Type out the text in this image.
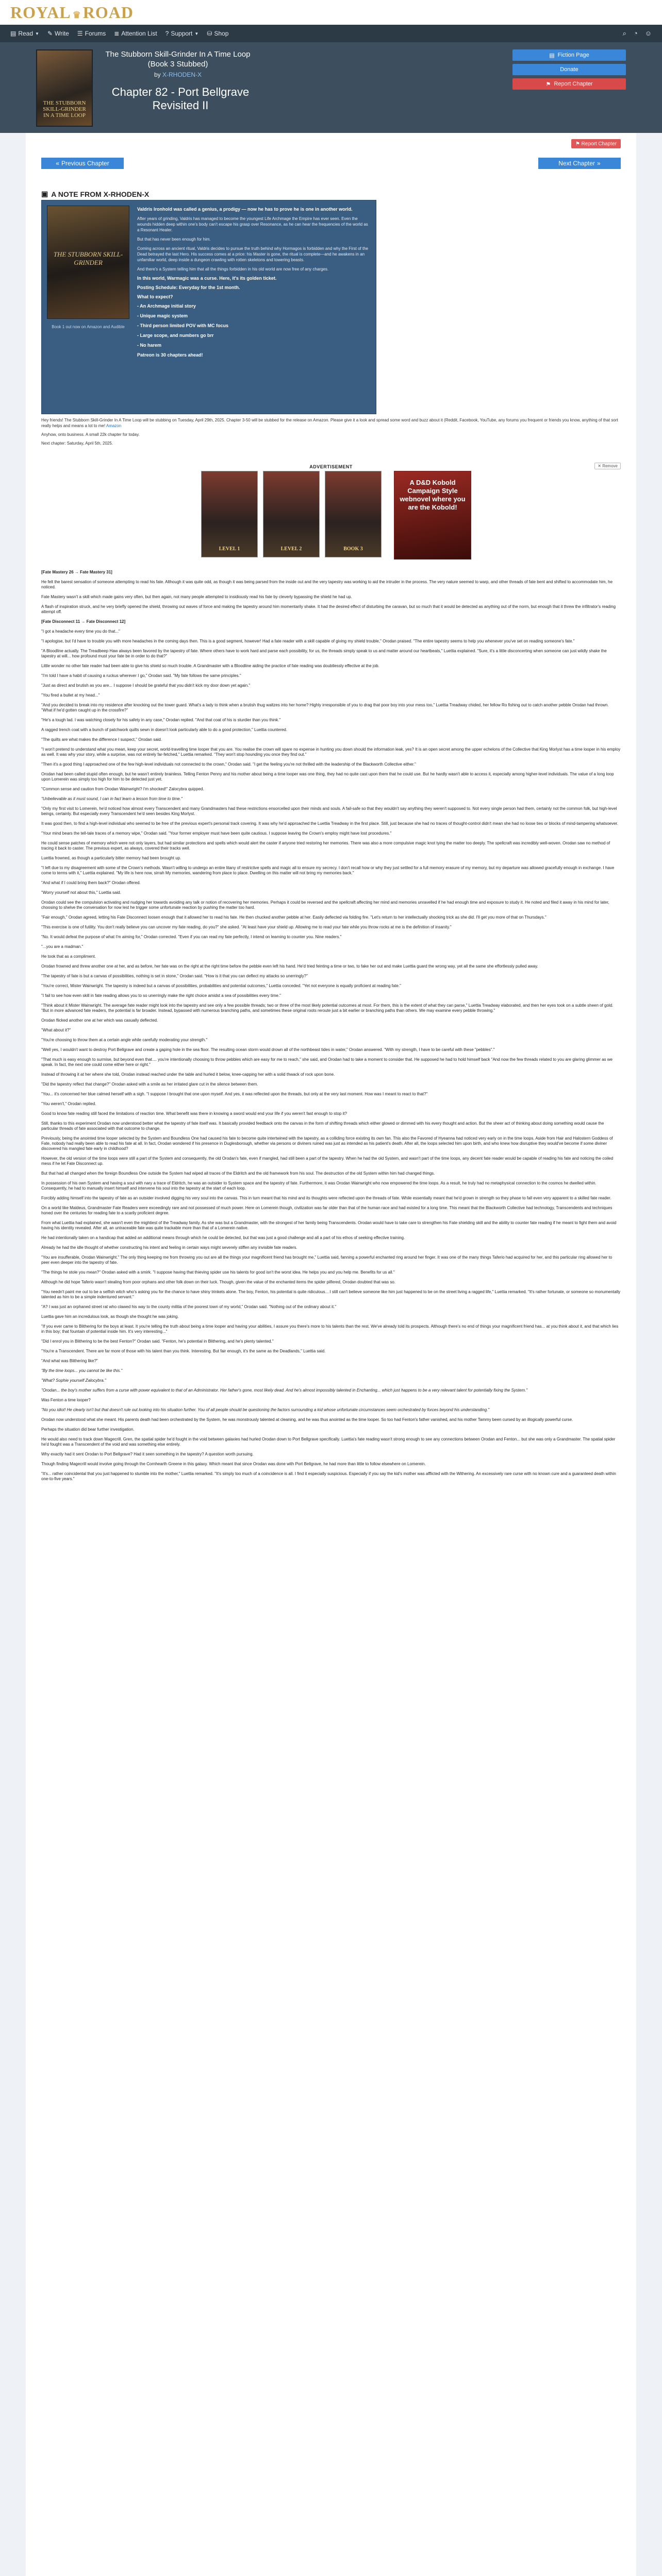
ROYAL ♛ROAD
▤ Read ▼ ✎ Write ☰ Forums ≣ Attention List ? Support ▼ ⛁ Shop	⌕ ◔ ☺
THE STUBBORN SKILL-GRINDER IN A TIME LOOP
The Stubborn Skill-Grinder In A Time Loop (Book 3 Stubbed)
by X-RHODEN-X
Chapter 82 - Port Bellgrave Revisited II
▤ Fiction Page
Donate
⚑ Report Chapter
⚑ Report Chapter
« Previous Chapter	Next Chapter »
▣ A NOTE FROM X-RHODEN-X
THE STUBBORN SKILL-GRINDER
Book 1 out now on Amazon and Audible

Valdris Ironhold was called a genius, a prodigy — now he has to prove he is one in another world.

After years of grinding, Valdris has managed to become the youngest Life Archmage the Empire has ever seen. Even the wounds hidden deep within one's body can't escape his grasp over Resonance, as he can hear the frequencies of the world as a Resonant Healer.

But that has never been enough for him.

Coming across an ancient ritual, Valdris decides to pursue the truth behind why Hormagos is forbidden and why the First of the Dead betrayed the last Hero. His success comes at a price: his Master is gone, the ritual is complete—and he awakens in an unfamiliar world, deep inside a dungeon crawling with rotten skeletons and towering beasts.

And there's a System telling him that all the things forbidden in his old world are now free of any charges.

In this world, Warmagic was a curse. Here, it's its golden ticket.

Posting Schedule: Everyday for the 1st month.

What to expect?

- An Archmage initial story
- Unique magic system
- Third person limited POV with MC focus
- Large scope, and numbers go brr
- No harem

Patreon is 30 chapters ahead!

Hey friends! The Stubborn Skill-Grinder In A Time Loop will be stubbing on Tuesday, April 29th, 2025. Chapter 3-50 will be stubbed for the release on Amazon. Please give it a look and spread some word and buzz about it (Reddit, Facebook, YouTube, any forums you frequent or friends you know, anything of that sort really helps and means a lot to me! Amazon

Anyhow, onto business. A small 22k chapter for today.

Next chapter: Saturday, April 5th, 2025.

ADVERTISEMENT	✕ Remove
LEVEL 1	LEVEL 2	BOOK 3
A D&D Kobold Campaign Style webnovel where you are the Kobold!

[Fate Mastery 26 → Fate Mastery 31]

He felt the barest sensation of someone attempting to read his fate. Although it was quite odd, as though it was being parsed from the inside out and the very tapestry was working to aid the intruder in the process. The very nature seemed to warp, and other threads of fate bent and shifted to accommodate him, he noticed.

Fate Mastery wasn't a skill which made gains very often, but then again, not many people attempted to insidiously read his fate by cleverly bypassing the shield he had up.

A flash of inspiration struck, and he very briefly opened the shield, throwing out waves of force and making the tapestry around him momentarily shake. It had the desired effect of disturbing the caravan, but so much that it would be detected as anything out of the norm, but enough that it threw the infiltrator's reading attempt off.

[Fate Disconnect 11 → Fate Disconnect 12]

"I got a headache every time you do that..."

"I apologise, but I'd have to trouble you with more headaches in the coming days then. This is a good segment, however! Had a fate reader with a skill capable of giving my shield trouble," Orodan praised. "The entire tapestry seems to help you whenever you've set on reading someone's fate."

"A Bloodline actually. The Treadbeep Haw always been favored by the tapestry of fate. Where others have to work hard and parse each possibility, for us, the threads simply speak to us and matter around our heartbeats," Luettia explained. "Sure, it's a little disconcerting when someone can just wildly shake the tapestry at will... how profound must your fate be in order to do that?"

Little wonder no other fate reader had been able to give his shield so much trouble. A Grandmaster with a Bloodline aiding the practice of fate reading was doubtlessly effective at the job.

"I'm told I have a habit of causing a ruckus wherever I go," Orodan said. "My fate follows the same principles."

"Just as direct and brutish as you are... I suppose I should be grateful that you didn't kick my door down yet again."

"You fired a bullet at my head..."

"And you decided to break into my residence after knocking out the tower guard. What's a lady to think when a brutish thug waltzes into her home? Highly irresponsible of you to drag that poor boy into your mess too," Luettia Treadway chided, her fellow Ro fishing out to catch another pebble Orodan had thrown. "What if he'd gotten caught up in the crossfire?"

"He's a tough lad. I was watching closely for his safety in any case," Orodan replied. "And that coat of his is sturdier than you think."

A ragged trench coat with a bunch of patchwork quilts sewn in doesn't look particularly able to do a good protection," Luettia countered.

"The quilts are what makes the difference I suspect," Orodan said.

"I won't pretend to understand what you mean, keep your secret, world-travelling time looper that you are. You realise the crown will spare no expense in hunting you down should the information leak, yes? It is an open secret among the upper echelons of the Collective that King Morlyst has a time looper in his employ as well. It was why your story, while a surprise, was not entirely far-fetched," Luettia remarked. "They won't stop hounding you once they find out."

"Then it's a good thing I approached one of the few high-level individuals not connected to the crown," Orodan said. "I get the feeling you're not thrilled with the leadership of the Blackworth Collective either."

Orodan had been called stupid often enough, but he wasn't entirely brainless. Telling Fenton Penny and his mother about being a time looper was one thing, they had no quite cast upon them that he could use. But he hardly wasn't able to access it, especially among higher-level individuals. The value of a long loop upon Lomerein was simply too high for him to be detected just yet.

"Common sense and caution from Orodan Wainwright? I'm shocked!" Zalocybra quipped.

"Unbelievable as it must sound, I can in fact learn a lesson from time to time."

"Only my first visit to Lomerein, he'd noticed how almost every Transcendent and many Grandmasters had these restrictions ensorcelled upon their minds and souls. A fail-safe so that they wouldn't say anything they weren't supposed to. Not every single person had them, certainly not the common folk, but high-level beings, certainly. But especially every Transcendent he'd seen besides King Morlyst.

It was good then, to find a high-level individual who seemed to be free of the previous expert's personal track covering. It was why he'd approached the Luettia Treadway in the first place. Still, just because she had no traces of thought-control didn't mean she had no loose ties or blocks of mind-tampering whatsoever.

"Your mind bears the tell-tale traces of a memory wipe," Orodan said. "Your former employer must have been quite cautious. I suppose leaving the Crown's employ might have lost procedures."

He could sense patches of memory which were not only layers, but had similar protections and spells which would alert the caster if anyone tried restoring her memories. There was also a more compulsive magic knot tying the matter too deeply. The spellcraft was incredibly well-woven. Orodan saw no method of tracing it back to caster. The previous expert, as always, covered their tracks well.

Luettia frowned, as though a particularly bitter memory had been brought up.

"I left due to my disagreement with some of the Crown's methods. Wasn't willing to undergo an entire litany of restrictive spells and magic all to ensure my secrecy. I don't recall how or why they just settled for a full memory erasure of my memory, but my departure was allowed gracefully enough in exchange. I have come to terms with it," Luettia explained. "My life is here now, sirrah My memories, wandering from place to place. Dwelling on this matter will not bring my memories back."

"And what if I could bring them back?" Orodan offered.

"Worry yourself not about this," Luettia said.

Orodan could see the compulsion activating and nudging her towards avoiding any talk or notion of recovering her memories. Perhaps it could be reversed and the spellcraft affecting her mind and memories unravelled if he had enough time and exposure to study it. He noted and filed it away in his mind for later, choosing to shelve the conversation for now lest he trigger some unfortunate reaction by pushing the matter too hard.

"Fair enough," Orodan agreed, letting his Fate Disconnect loosen enough that it allowed her to read his fate. He then chucked another pebble at her. Easily deflected via folding fire. "Let's return to her intellectually shocking trick as she did. I'll get you more of that on Thursdays."

"This exercise is one of futility. You don't really believe you can uncover my fate reading, do you?" she asked. "At least have your shield up. Allowing me to read your fate while you throw rocks at me is the definition of insanity."

"No. It would defeat the purpose of what I'm aiming for," Orodan corrected. "Even if you can read my fate perfectly, I intend on learning to counter you. Nine readers."

"...you are a madman."

He took that as a compliment.

Orodan frowned and threw another one at her, and as before, her fate was on the right at the right time before the pebble even left his hand. He'd tried feinting a time or two, to fake her out and make Luettia guard the wrong way, yet all the same she effortlessly pulled away.

"The tapestry of fate is but a canvas of possibilities, nothing is set in stone," Orodan said. "How is it that you can deflect my attacks so unerringly?"

"You're correct, Mister Wainwright. The tapestry is indeed but a canvas of possibilities, probabilities and potential outcomes," Luettia conceded. "Yet not everyone is equally proficient at reading fate."

"I fail to see how even skill in fate reading allows you to so unerringly make the right choice amidst a sea of possibilities every time."

"Think about it Mister Wainwright. The average fate reader might look into the tapestry and see only a few possible threads; two or three of the most likely potential outcomes at most. For them, this is the extent of what they can parse," Luettia Treadway elaborated, and then her eyes took on a subtle sheen of gold. "But in more advanced fate readers, the potential is far broader. Instead, bypassed with numerous branching paths, and sometimes these original roots reroute just a bit earlier or branching paths than others. We may examine every pebble throwing."

Orodan flicked another one at her which was casually deflected.

"What about it?"

"You're choosing to throw them at a certain angle while carefully moderating your strength."

"Well yes, I wouldn't want to destroy Port Bellgrave and create a gaping hole in the sea floor. The resulting ocean storm would drown all of the northbeast tides in water," Orodan answered. "With my strength, I have to be careful with these "pebbles"."

"That much is easy enough to surmise, but beyond even that.... you're intentionally choosing to throw pebbles which are easy for me to reach," she said, and Orodan had to take a moment to consider that. He supposed he had to hold himself back "And now the few threads related to you are glaring glimmer as we speak. In fact, the next one could come either here or right."

Instead of throwing it at her where she told, Orodan instead reached under the table and hurled it below, knee-capping her with a solid thwack of rock upon bone.

"Did the tapestry reflect that change?" Orodan asked with a smile as her irritated glare cut in the silence between them.

"You... it's concerned her blue calmed herself with a sigh. "I suppose I brought that one upon myself. And yes, it was reflected upon the threads, but only at the very last moment. How was I meant to react to that?"

"You weren't," Orodan replied.

Good to know fate reading still faced the limitations of reaction time. What benefit was there in knowing a sword would end your life if you weren't fast enough to stop it?

Still, thanks to this experiment Orodan now understood better what the tapestry of fate itself was. It basically provided feedback onto the canvas in the form of shifting threads which either glowed or dimmed with his every thought and action. But the sheer act of thinking about doing something would cause the particular threads of fate associated with that outcome to change.

Previously, being the anointed time looper selected by the System and Boundless One had caused his fate to become quite intertwined with the tapestry, as a colliding force existing its own fan. This also the Favored of Hyeanna had noticed very early on in the time loops. Aside from Hair and Halostern Goddess of Fate, nobody had really been able to read his fate at all. In fact, Orodan wondered if his presence in Duglesborough, whether via persons or diviners ruined was just as intended as his patient's death. After all, the loops selected him upon birth, and who knew how disruptive they would've become if some diviner discovered his mangled fate early in childhood?

However, the old version of the time loops were still a part of the System and consequently, the old Orodan's fate, even if mangled, had still been a part of the tapestry. When he had the old System, and wasn't part of the time loops, any decent fate reader would be capable of reading his fate and noticing the coiled mess if he let Fate Disconnect up.

But that had all changed when the foreign Boundless One outside the System had wiped all traces of the Eldritch and the old framework from his soul. The destruction of the old System within him had changed things.

In possession of his own System and having a soul with nary a trace of Eldritch, he was an outsider to System space and the tapestry of fate. Furthermore, it was Orodan Wainwright who now empowered the time loops. As a result, he truly had no metaphysical connection to the cosmos he dwelled within. Consequently, he had to manually insert himself and intervene his soul into the tapestry at the start of each loop.

Forcibly adding himself into the tapestry of fate as an outsider involved digging his very soul into the canvas. This in turn meant that his mind and its thoughts were reflected upon the threads of fate. While essentially meant that he'd grown in strength so they phase to fall even very apparent to a skilled fate reader.

On a world like Maldeus, Grandmaster Fate Readers were exceedingly rare and not possessed of much power. Here on Lomerein though, civilization was far older than that of the human race and had existed for a long time. This meant that the Blackworth Collective had technology, Transcendents and techniques honed over the centuries for reading fate to a scarily proficient degree.

From what Luettia had explained, she wasn't even the mightiest of the Treadway family. As she was but a Grandmaster, with the strongest of her family being Transcendents. Orodan would have to take care to strengthen his Fate shielding skill and the ability to counter fate reading if he meant to fight them and avoid having his identity revealed. After all, an untraceable fate was quite trackable more than that of a Lomerein native.

He had intentionally taken on a handicap that added an additional means through which he could be detected, but that was just a good challenge and all a part of his ethos of seeking effective training.

Already he had the idle thought of whether constructing his intent and feeling in certain ways might severely stiffen any invisible fate readers.

"You are insufferable, Orodan Wainwright." The only thing keeping me from throwing you out are all the things your magnificent friend has brought me," Luettia said, fanning a powerful enchanted ring around her finger. It was one of the many things Taferio had acquired for her, and this particular ring allowed her to peer even deeper into the tapestry of fate.

"The things he stole you mean?" Orodan asked with a smirk. "I suppose having that thieving spider use his talents for good isn't the worst idea. He helps you and you help me. Benefits for us all."

Although he did hope Taferio wasn't stealing from poor orphans and other folk down on their luck. Though, given the value of the enchanted items the spider pilfered, Orodan doubted that was so.

"You needn't paint me out to be a selfish witch who's asking you for the chance to have shiny trinkets alone. The boy, Fenton, his potential is quite ridiculous... I still can't believe someone like him just happened to be on the street living a ragged life," Luettia remarked. "It's rather fortunate, or someone so monumentally talented as him to be a simple indentured servant."

"A? I was just an orphaned street rat who clawed his way to the county militia of the poorest town of my world," Orodan said. "Nothing out of the ordinary about it."

Luettia gave him an incredulous look, as though she thought he was joking.

"If you ever came to Blithering for the boys at least. It you're telling the truth about being a time looper and having your abilities, I assure you there's more to his talents than the rest. We've already told its prospects. Although there's no end of things your magnificent friend has... at you think about it, and that which lies in this boy; that fountain of potential inside him. It's very interesting..."

"Did I enrol you in Blithering to be the best Fenton?" Orodan said. "Fenton, he's potential in Blithering, and he's plenty talented."

"You're a Transcendent. There are far more of those with his talent than you think. Interesting. But fair enough, it's the same as the Deadlands," Luettia said.

"And what was Blithering like?"

"By the time loops... you cannot be like this."

"What? Sophie yourself Zalocybra."

"Orodan... the boy's mother suffers from a curse with power equivalent to that of an Administrator. Her father's gone, most likely dead. And he's almost impossibly talented in Enchanting... which just happens to be a very relevant talent for potentially fixing the System."

Was Fenton a time looper?

"No you idiot! He clearly isn't but that doesn't rule out looking into his situation further. You of all people should be questioning the factors surrounding a kid whose unfortunate circumstances seem orchestrated by forces beyond his understanding."

Orodan now understood what she meant. His parents death had been orchestrated by the System, he was monstrously talented at cleaning, and he was thus anointed as the time looper. So too had Fenton's father vanished, and his mother Tammy been cursed by an illogically powerful curse.

Perhaps the situation did bear further investigation.

He would also need to track down Magecrill. Gren, the spatial spider he'd fought in the void between galaxies had hurled Orodan down to Port Bellgrave specifically. Luettia's fate reading wasn't strong enough to see any connections between Orodan and Fenton... but she was only a Grandmaster. The spatial spider he'd fought was a Transcendent of the void and was something else entirely.

Why exactly had it sent Orodan to Port Bellgrave? Had it seen something in the tapestry? A question worth pursuing.

Though finding Magecrill would involve going through the Cornhearth Greene in this galaxy. Which meant that since Orodan was done with Port Bellgrave, he had more than little to follow elsewhere on Lomerein.

"It's... rather coincidental that you just happened to stumble into the mother," Luettia remarked. "It's simply too much of a coincidence is all. I find it especially suspicious. Especially if you say the kid's mother was afflicted with the Withering. An excessively rare curse with no known cure and a guaranteed death within one-to-five years."
